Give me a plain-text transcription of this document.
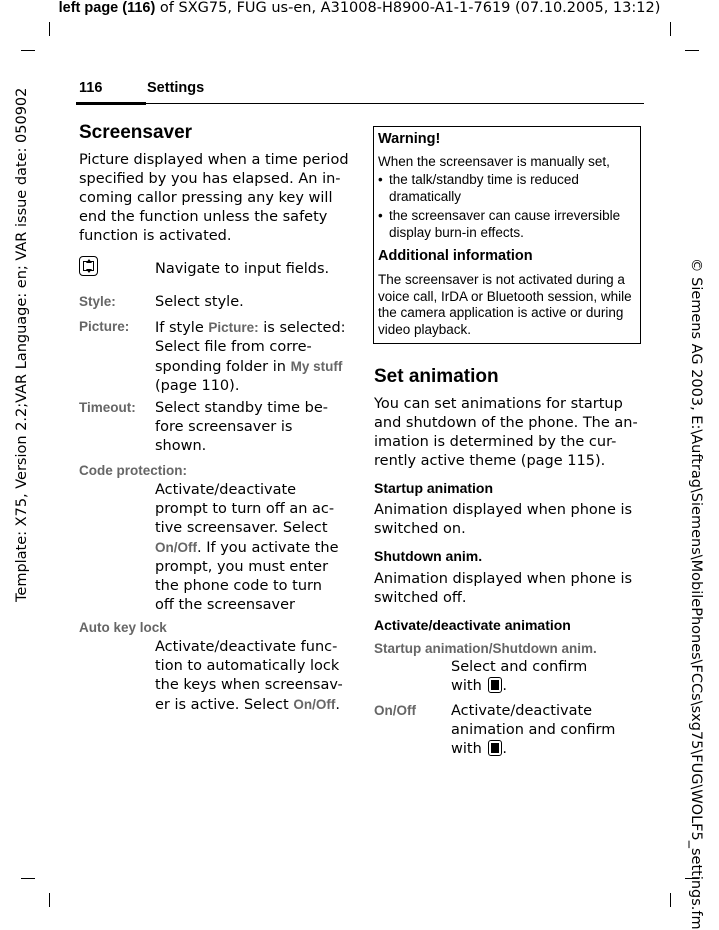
left page (116) of SXG75, FUG us-en, A31008-H8900-A1-1-7619 (07.10.2005, 13:12)
Template: X75, Version 2.2;VAR Language: en; VAR issue date: 050902	© Siemens AG 2003, E:\Auftrag\Siemens\MobilePhones\FCCs\sxg75\FUG\WOLF5_settings.fm
116	Settings
Screensaver
Picture displayed when a time period
specified by you has elapsed. An in-
coming callor pressing any key will
end the function unless the safety
function is activated.
Navigate to input fields.
Style:	Select style.
Picture: If style Picture: is selected:
Select file from corre-
sponding folder in My stuff
(page 110).
Timeout: Select standby time be-
fore screensaver is
shown.
Code protection:
Activate/deactivate
prompt to turn off an ac-
tive screensaver. Select
On/Off. If you activate the
prompt, you must enter
the phone code to turn
off the screensaver
Auto key lock
Activate/deactivate func-
tion to automatically lock
the keys when screensav-
er is active. Select On/Off.
Warning!
When the screensaver is manually set,
• the talk/standby time is reduced
dramatically
• the screensaver can cause irreversible
display burn-in effects.
Additional information
The screensaver is not activated during a
voice call, IrDA or Bluetooth session, while
the camera application is active or during
video playback.
Set animation
You can set animations for startup
and shutdown of the phone. The an-
imation is determined by the cur-
rently active theme (page 115).
Startup animation
Animation displayed when phone is
switched on.
Shutdown anim.
Animation displayed when phone is
switched off.
Activate/deactivate animation
Startup animation/Shutdown anim.
Select and confirm
with .
On/Off Activate/deactivate
animation and confirm
with .
